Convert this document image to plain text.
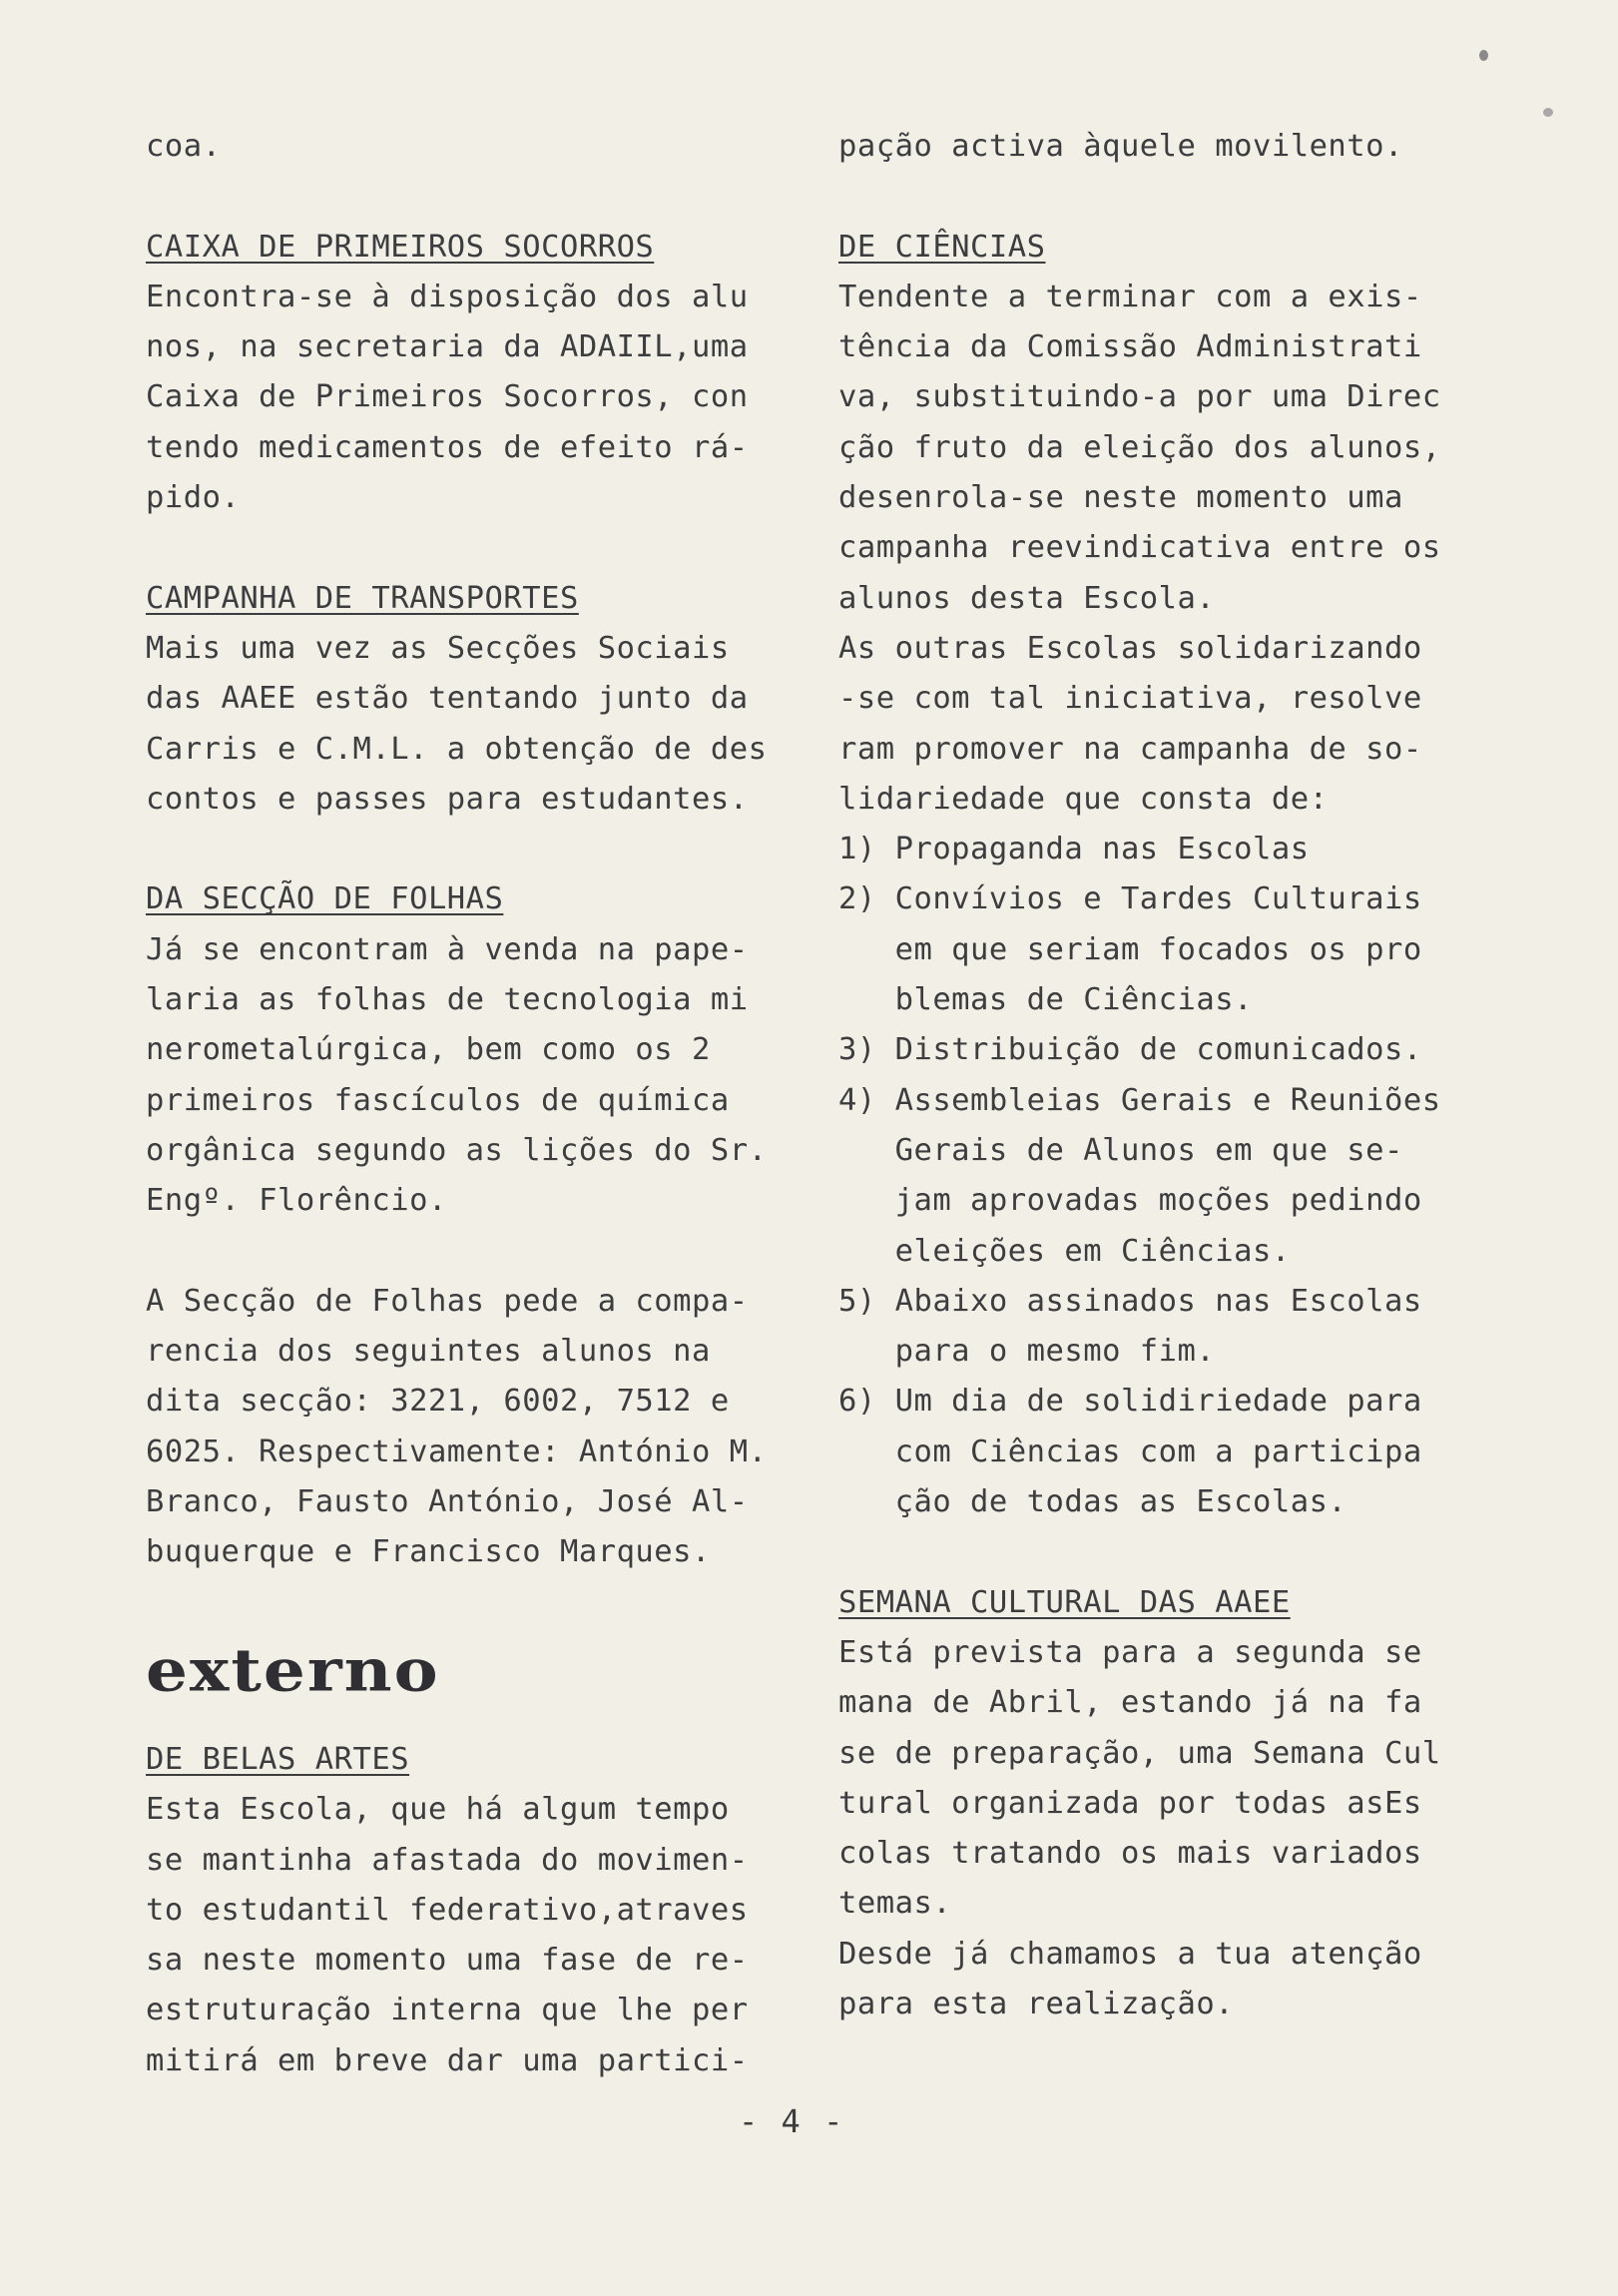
coa.
CAIXA DE PRIMEIROS SOCORROS
Encontra-se à disposição dos alu
nos, na secretaria da ADAIIL,uma
Caixa de Primeiros Socorros, con
tendo medicamentos de efeito rá-
pido.
CAMPANHA DE TRANSPORTES
Mais uma vez as Secções Sociais
das AAEE estão tentando junto da
Carris e C.M.L. a obtenção de des
contos e passes para estudantes.
DA SECÇÃO DE FOLHAS
Já se encontram à venda na pape-
laria as folhas de tecnologia mi
nerometalúrgica, bem como os 2
primeiros fascículos de química
orgânica segundo as lições do Sr.
Engº. Florêncio.
A Secção de Folhas pede a compa-
rencia dos seguintes alunos na
dita secção: 3221, 6002, 7512 e
6025. Respectivamente: António M.
Branco, Fausto António, José Al-
buquerque e Francisco Marques.
externo
DE BELAS ARTES
Esta Escola, que há algum tempo
se mantinha afastada do movimen-
to estudantil federativo,atraves
sa neste momento uma fase de re-
estruturação interna que lhe per
mitirá em breve dar uma partici-
pação activa àquele movilento.
DE CIÊNCIAS
Tendente a terminar com a exis-
tência da Comissão Administrati
va, substituindo-a por uma Direc
ção fruto da eleição dos alunos,
desenrola-se neste momento uma
campanha reevindicativa entre os
alunos desta Escola.
As outras Escolas solidarizando
-se com tal iniciativa, resolve
ram promover na campanha de so-
lidariedade que consta de:
1) Propaganda nas Escolas
2) Convívios e Tardes Culturais
em que seriam focados os pro
blemas de Ciências.
3) Distribuição de comunicados.
4) Assembleias Gerais e Reuniões
Gerais de Alunos em que se-
jam aprovadas moções pedindo
eleições em Ciências.
5) Abaixo assinados nas Escolas
para o mesmo fim.
6) Um dia de solidiriedade para
com Ciências com a participa
ção de todas as Escolas.
SEMANA CULTURAL DAS AAEE
Está prevista para a segunda se
mana de Abril, estando já na fa
se de preparação, uma Semana Cul
tural organizada por todas asEs
colas tratando os mais variados
temas.
Desde já chamamos a tua atenção
para esta realização.
- 4 -
